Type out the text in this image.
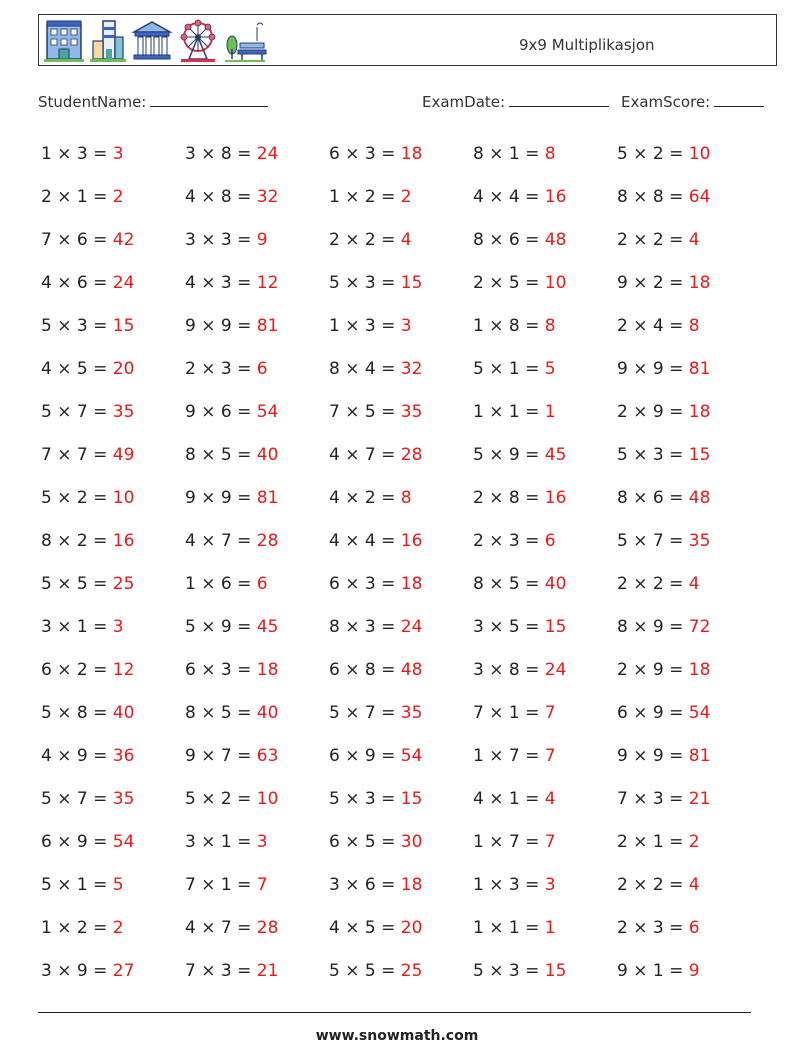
9x9 Multiplikasjon
StudentName:	ExamDate:	ExamScore:
1 × 3 = 3	3 × 8 = 24	6 × 3 = 18	8 × 1 = 8	5 × 2 = 10
2 × 1 = 2	4 × 8 = 32	1 × 2 = 2	4 × 4 = 16	8 × 8 = 64
7 × 6 = 42	3 × 3 = 9	2 × 2 = 4	8 × 6 = 48	2 × 2 = 4
4 × 6 = 24	4 × 3 = 12	5 × 3 = 15	2 × 5 = 10	9 × 2 = 18
5 × 3 = 15	9 × 9 = 81	1 × 3 = 3	1 × 8 = 8	2 × 4 = 8
4 × 5 = 20	2 × 3 = 6	8 × 4 = 32	5 × 1 = 5	9 × 9 = 81
5 × 7 = 35	9 × 6 = 54	7 × 5 = 35	1 × 1 = 1	2 × 9 = 18
7 × 7 = 49	8 × 5 = 40	4 × 7 = 28	5 × 9 = 45	5 × 3 = 15
5 × 2 = 10	9 × 9 = 81	4 × 2 = 8	2 × 8 = 16	8 × 6 = 48
8 × 2 = 16	4 × 7 = 28	4 × 4 = 16	2 × 3 = 6	5 × 7 = 35
5 × 5 = 25	1 × 6 = 6	6 × 3 = 18	8 × 5 = 40	2 × 2 = 4
3 × 1 = 3	5 × 9 = 45	8 × 3 = 24	3 × 5 = 15	8 × 9 = 72
6 × 2 = 12	6 × 3 = 18	6 × 8 = 48	3 × 8 = 24	2 × 9 = 18
5 × 8 = 40	8 × 5 = 40	5 × 7 = 35	7 × 1 = 7	6 × 9 = 54
4 × 9 = 36	9 × 7 = 63	6 × 9 = 54	1 × 7 = 7	9 × 9 = 81
5 × 7 = 35	5 × 2 = 10	5 × 3 = 15	4 × 1 = 4	7 × 3 = 21
6 × 9 = 54	3 × 1 = 3	6 × 5 = 30	1 × 7 = 7	2 × 1 = 2
5 × 1 = 5	7 × 1 = 7	3 × 6 = 18	1 × 3 = 3	2 × 2 = 4
1 × 2 = 2	4 × 7 = 28	4 × 5 = 20	1 × 1 = 1	2 × 3 = 6
3 × 9 = 27	7 × 3 = 21	5 × 5 = 25	5 × 3 = 15	9 × 1 = 9
www.snowmath.com
